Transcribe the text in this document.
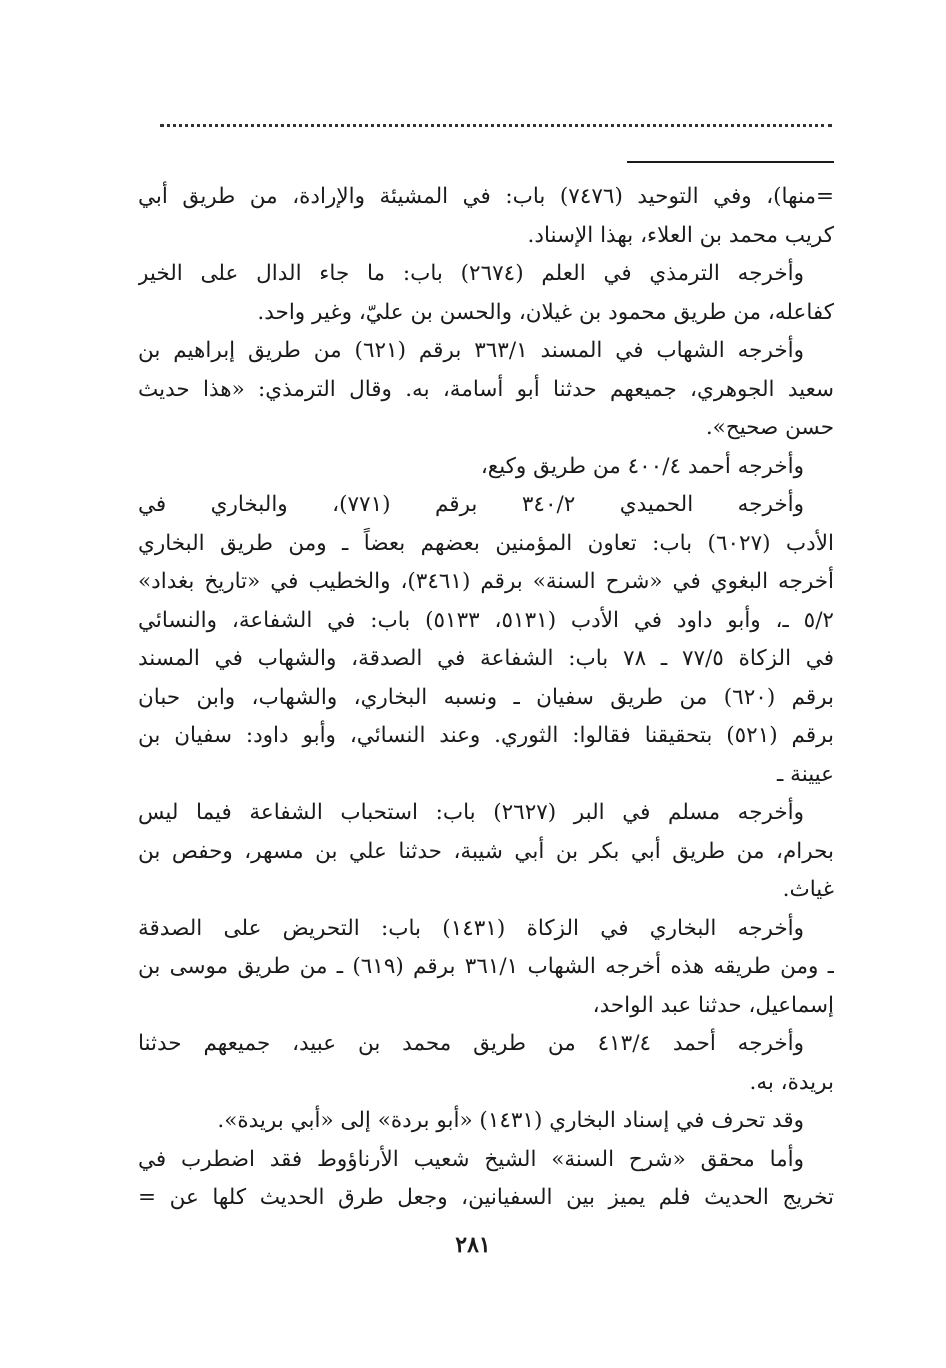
=منها)، وفي التوحيد (٧٤٧٦) باب: في المشيئة والإرادة، من طريق أبي
كريب محمد بن العلاء، بهذا الإسناد.
وأخرجه الترمذي في العلم (٢٦٧٤) باب: ما جاء الدال على الخير
كفاعله، من طريق محمود بن غيلان، والحسن بن عليّ، وغير واحد.
وأخرجه الشهاب في المسند ٣٦٣/١ برقم (٦٢١) من طريق إبراهيم بن
سعيد الجوهري، جميعهم حدثنا أبو أسامة، به. وقال الترمذي: «هذا حديث
حسن صحيح».
وأخرجه أحمد ٤٠٠/٤ من طريق وكيع،
وأخرجه الحميدي ٣٤٠/٢ برقم (٧٧١)، والبخاري في
الأدب (٦٠٢٧) باب: تعاون المؤمنين بعضهم بعضاً ـ ومن طريق البخاري
أخرجه البغوي في «شرح السنة» برقم (٣٤٦١)، والخطيب في «تاريخ بغداد»
٥/٢ ـ، وأبو داود في الأدب (٥١٣١، ٥١٣٣) باب: في الشفاعة، والنسائي
في الزكاة ٧٧/٥ ـ ٧٨ باب: الشفاعة في الصدقة، والشهاب في المسند
برقم (٦٢٠) من طريق سفيان ـ ونسبه البخاري، والشهاب، وابن حبان
برقم (٥٢١) بتحقيقنا فقالوا: الثوري. وعند النسائي، وأبو داود: سفيان بن
عيينة ـ
وأخرجه مسلم في البر (٢٦٢٧) باب: استحباب الشفاعة فيما ليس
بحرام، من طريق أبي بكر بن أبي شيبة، حدثنا علي بن مسهر، وحفص بن
غياث.
وأخرجه البخاري في الزكاة (١٤٣١) باب: التحريض على الصدقة
ـ ومن طريقه هذه أخرجه الشهاب ٣٦١/١ برقم (٦١٩) ـ من طريق موسى بن
إسماعيل، حدثنا عبد الواحد،
وأخرجه أحمد ٤١٣/٤ من طريق محمد بن عبيد، جميعهم حدثنا
بريدة، به.
وقد تحرف في إسناد البخاري (١٤٣١) «أبو بردة» إلى «أبي بريدة».
وأما محقق «شرح السنة» الشيخ شعيب الأرناؤوط فقد اضطرب في
تخريج الحديث فلم يميز بين السفيانين، وجعل طرق الحديث كلها عن =
٢٨١
